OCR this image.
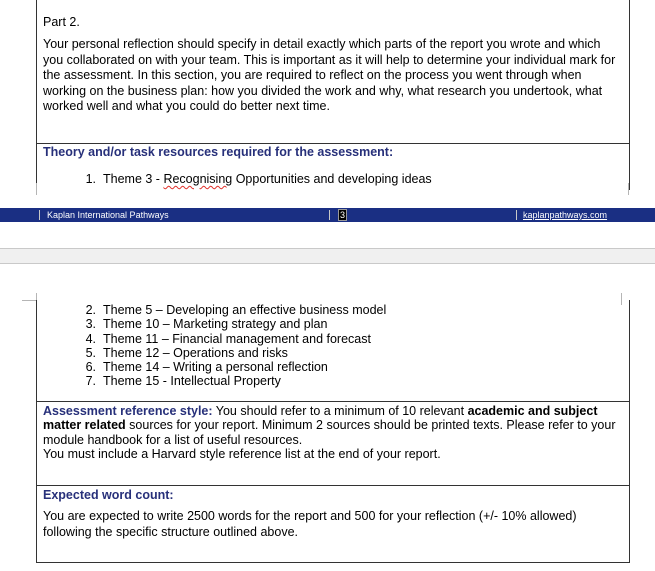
Part 2.

Your personal reflection should specify in detail exactly which parts of the report you wrote and which you collaborated on with your team. This is important as it will help to determine your individual mark for the assessment. In this section, you are required to reflect on the process you went through when working on the business plan: how you divided the work and why, what research you undertook, what worked well and what you could do better next time.

Theory and/or task resources required for the assessment:

1. Theme 3 - Recognising Opportunities and developing ideas
Kaplan International Pathways	3	kaplanpathways.com
2. Theme 5 – Developing an effective business model
3. Theme 10 – Marketing strategy and plan
4. Theme 11 – Financial management and forecast
5. Theme 12 – Operations and risks
6. Theme 14 – Writing a personal reflection
7. Theme 15 - Intellectual Property
Assessment reference style: You should refer to a minimum of 10 relevant academic and subject matter related sources for your report. Minimum 2 sources should be printed texts. Please refer to your module handbook for a list of useful resources.
You must include a Harvard style reference list at the end of your report.

Expected word count:

You are expected to write 2500 words for the report and 500 for your reflection (+/- 10% allowed) following the specific structure outlined above.
